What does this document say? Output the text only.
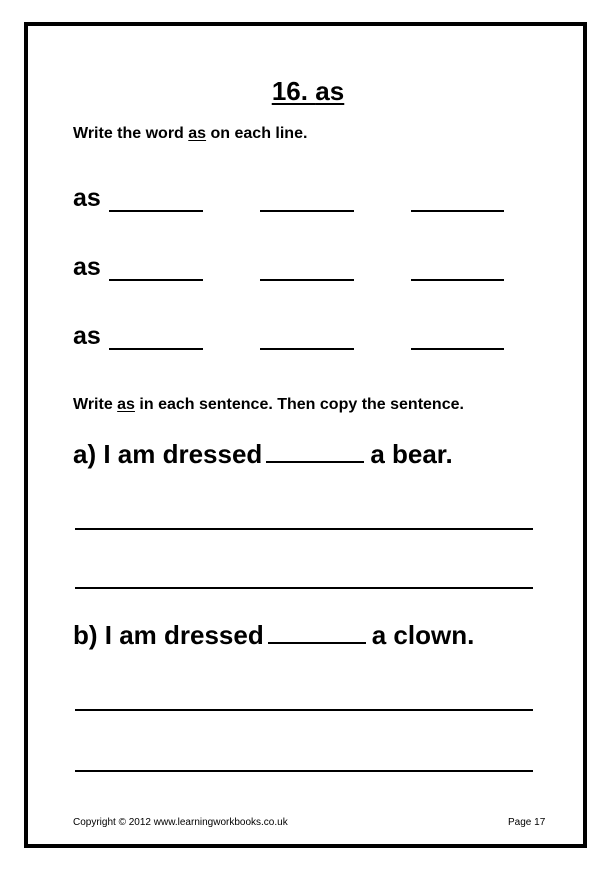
16. as
Write the word as on each line.
as
as
as
Write as in each sentence. Then copy the sentence.
a) I am dressed	a bear.
b) I am dressed	a clown.
Copyright © 2012 www.learningworkbooks.co.uk	Page 17
